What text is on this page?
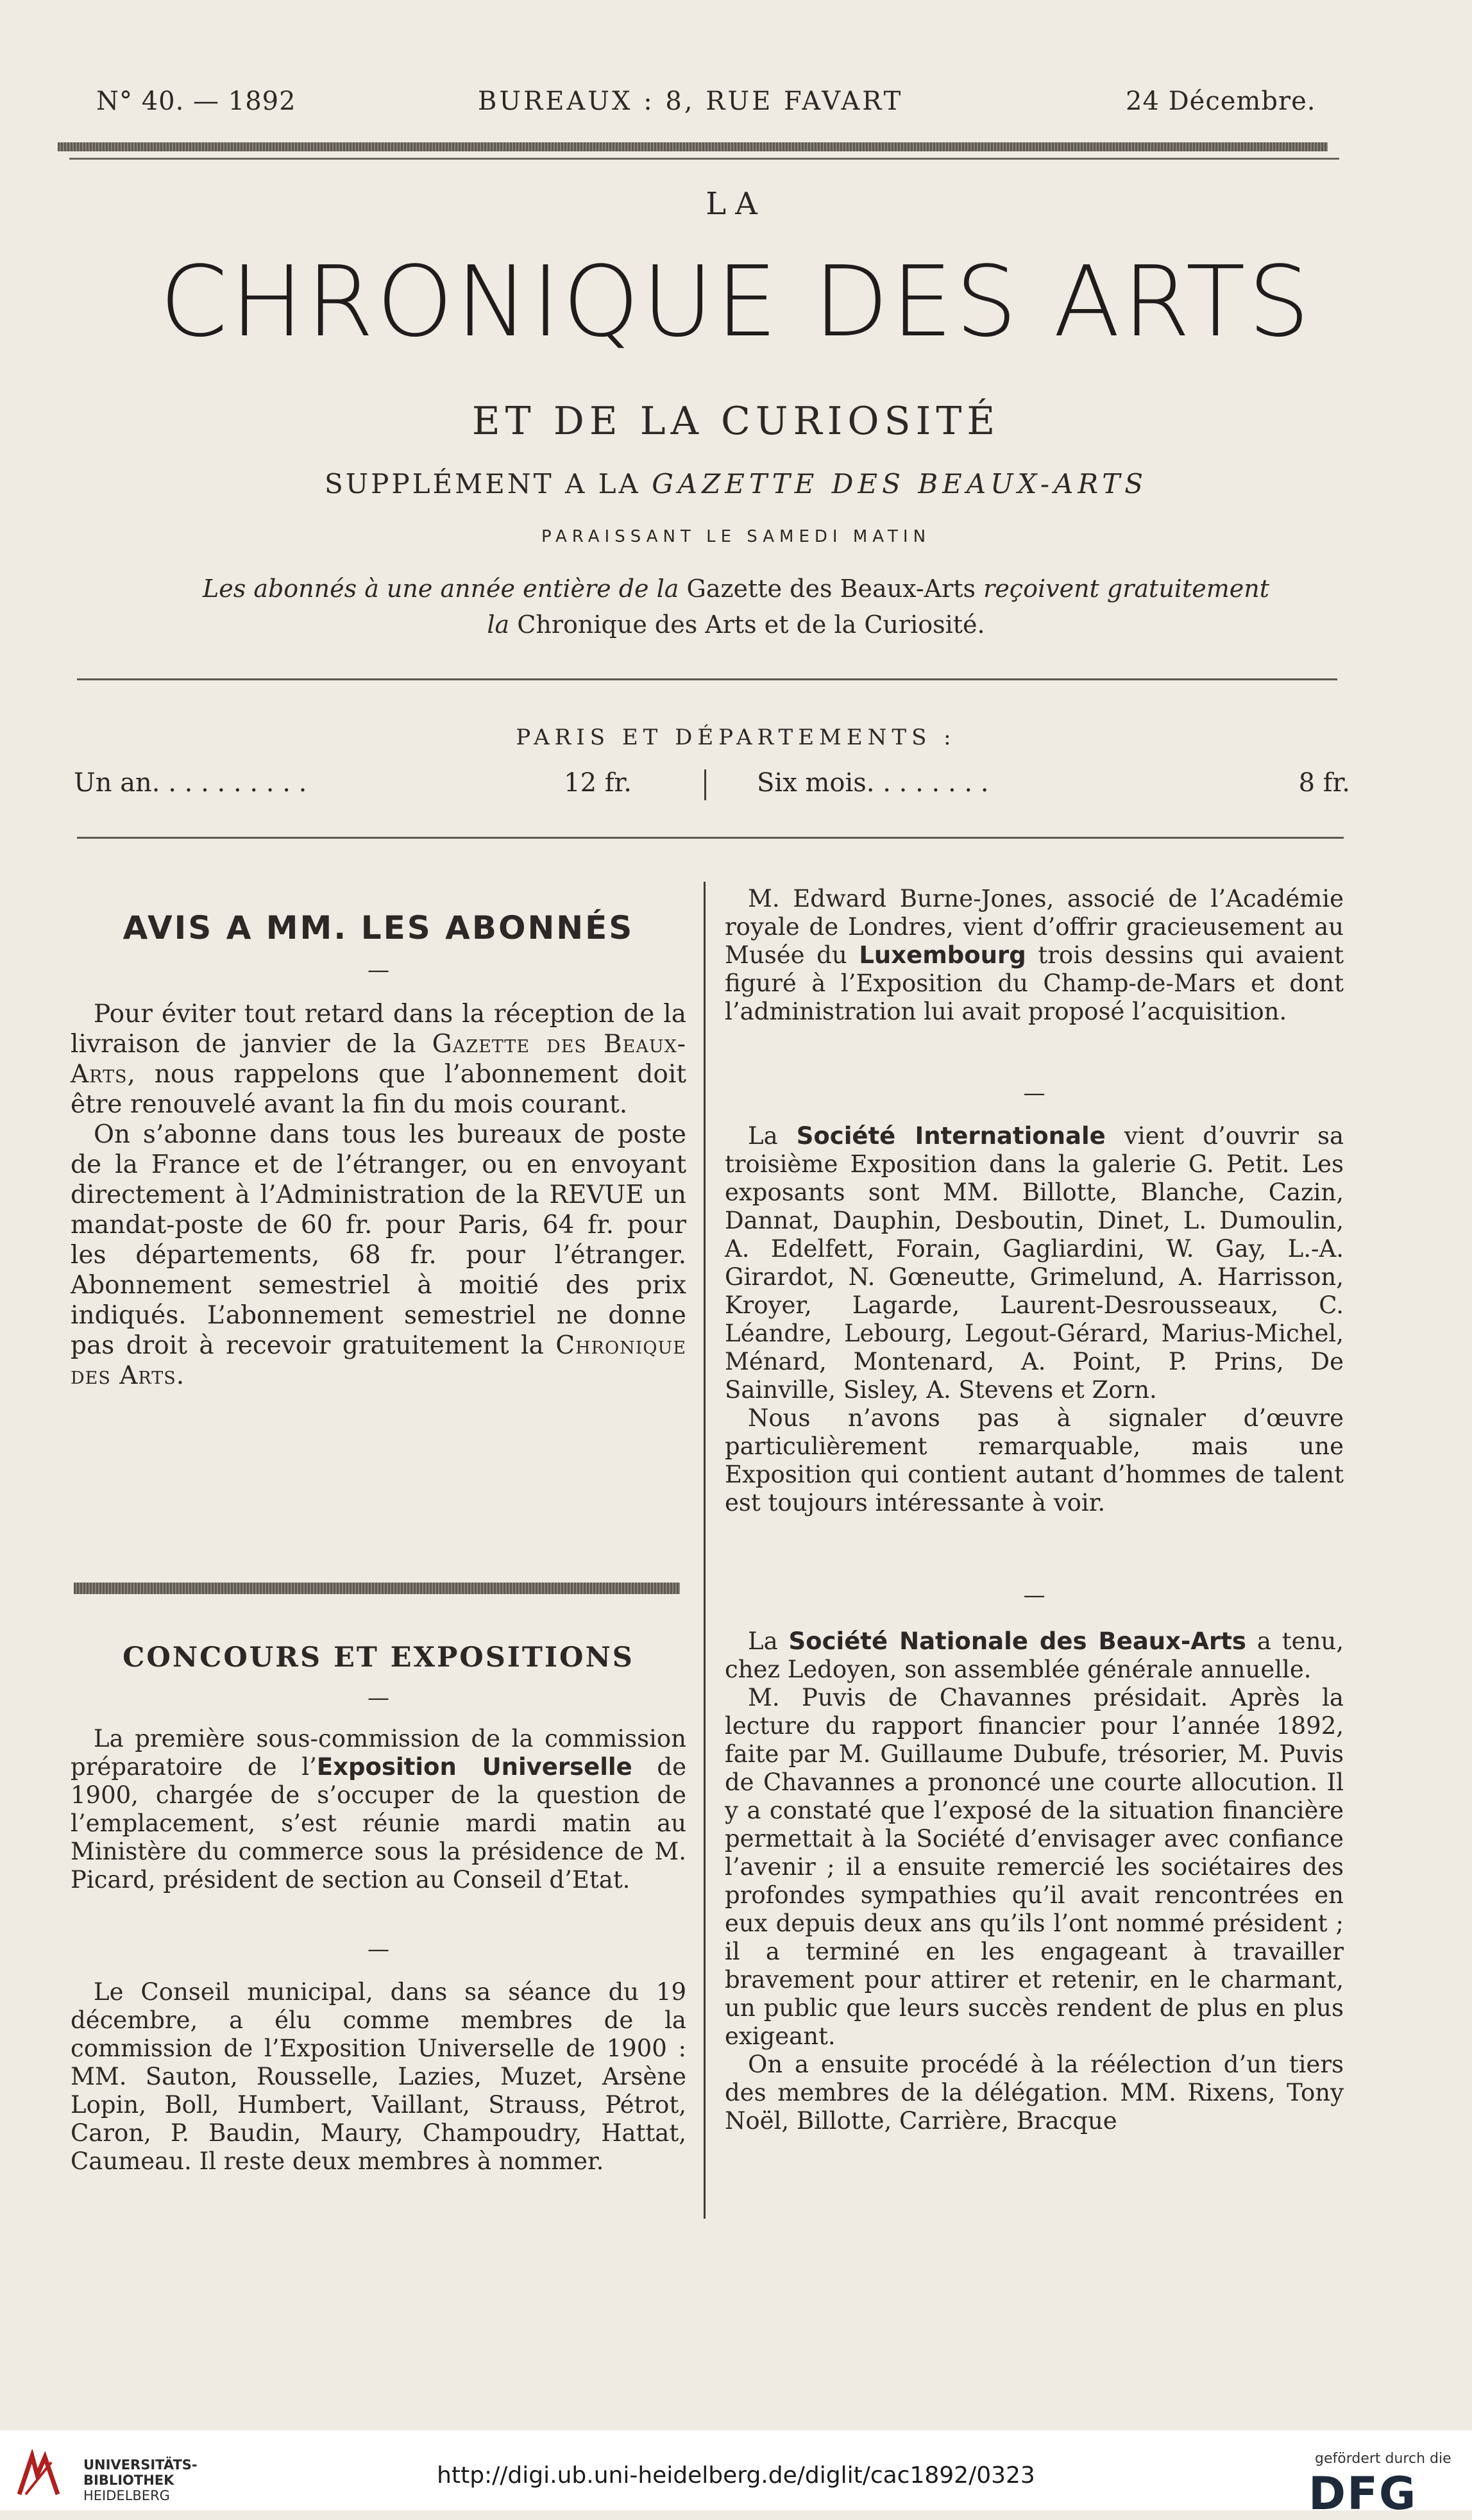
N° 40. — 1892	BUREAUX : 8, RUE FAVART	24 Décembre.
LA
CHRONIQUE DES ARTS
ET DE LA CURIOSITÉ
SUPPLÉMENT A LA GAZETTE DES BEAUX-ARTS
PARAISSANT LE SAMEDI MATIN
Les abonnés à une année entière de la Gazette des Beaux-Arts reçoivent gratuitement
la Chronique des Arts et de la Curiosité.
PARIS ET DÉPARTEMENTS :
Un an. . . . . . . . . .	12 fr.	Six mois. . . . . . . .	8 fr.
AVIS A MM. LES ABONNÉS
—

Pour éviter tout retard dans la réception de la livraison de janvier de la Gazette des Beaux-Arts, nous rappelons que l’abonnement doit être renouvelé avant la fin du mois courant.

On s’abonne dans tous les bureaux de poste de la France et de l’étranger, ou en envoyant directement à l’Administration de la REVUE un mandat-poste de 60 fr. pour Paris, 64 fr. pour les départements, 68 fr. pour l’étranger. Abonnement semestriel à moitié des prix indiqués. L’abonnement semestriel ne donne pas droit à recevoir gratuitement la Chronique des Arts.

CONCOURS ET EXPOSITIONS
—

La première sous-commission de la commission préparatoire de l’Exposition Universelle de 1900, chargée de s’occuper de la question de l’emplacement, s’est réunie mardi matin au Ministère du commerce sous la présidence de M. Picard, président de section au Conseil d’Etat.

—

Le Conseil municipal, dans sa séance du 19 décembre, a élu comme membres de la commission de l’Exposition Universelle de 1900 : MM. Sauton, Rousselle, Lazies, Muzet, Arsène Lopin, Boll, Humbert, Vaillant, Strauss, Pétrot, Caron, P. Baudin, Maury, Champoudry, Hattat, Caumeau. Il reste deux membres à nommer.

M. Edward Burne-Jones, associé de l’Académie royale de Londres, vient d’offrir gracieusement au Musée du Luxembourg trois dessins qui avaient figuré à l’Exposition du Champ-de-Mars et dont l’administration lui avait proposé l’acquisition.

—

La Société Internationale vient d’ouvrir sa troisième Exposition dans la galerie G. Petit. Les exposants sont MM. Billotte, Blanche, Cazin, Dannat, Dauphin, Desboutin, Dinet, L. Dumoulin, A. Edelfett, Forain, Gagliardini, W. Gay, L.-A. Girardot, N. Gœneutte, Grimelund, A. Harrisson, Kroyer, Lagarde, Laurent-Desrousseaux, C. Léandre, Lebourg, Legout-Gérard, Marius-Michel, Ménard, Montenard, A. Point, P. Prins, De Sainville, Sisley, A. Stevens et Zorn.

Nous n’avons pas à signaler d’œuvre particulièrement remarquable, mais une Exposition qui contient autant d’hommes de talent est toujours intéressante à voir.

—

La Société Nationale des Beaux-Arts a tenu, chez Ledoyen, son assemblée générale annuelle.

M. Puvis de Chavannes présidait. Après la lecture du rapport financier pour l’année 1892, faite par M. Guillaume Dubufe, trésorier, M. Puvis de Chavannes a prononcé une courte allocution. Il y a constaté que l’exposé de la situation financière permettait à la Société d’envisager avec confiance l’avenir ; il a ensuite remercié les sociétaires des profondes sympathies qu’il avait rencontrées en eux depuis deux ans qu’ils l’ont nommé président ; il a terminé en les engageant à travailler bravement pour attirer et retenir, en le charmant, un public que leurs succès rendent de plus en plus exigeant.

On a ensuite procédé à la réélection d’un tiers des membres de la délégation. MM. Rixens, Tony Noël, Billotte, Carrière, Bracque

UNIVERSITÄTS-
BIBLIOTHEK
HEIDELBERG
http://digi.ub.uni-heidelberg.de/diglit/cac1892/0323
gefördert durch die
DFG
